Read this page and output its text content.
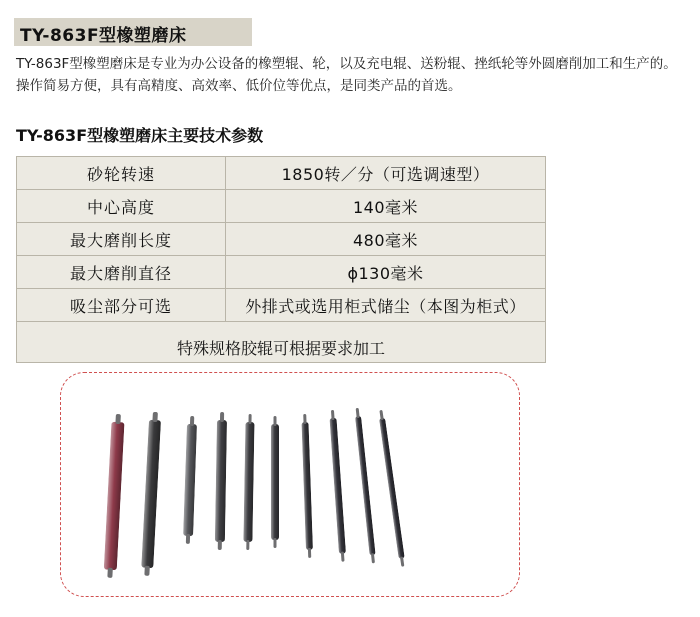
TY-863F型橡塑磨床

TY-863F型橡塑磨床是专业为办公设备的橡塑辊、轮，以及充电辊、送粉辊、挫纸轮等外圆磨削加工和生产的。

操作简易方便，具有高精度、高效率、低价位等优点，是同类产品的首选。

TY-863F型橡塑磨床主要技术参数
砂轮转速	1850转／分（可选调速型）
中心高度	140毫米
最大磨削长度	480毫米
最大磨削直径	ϕ130毫米
吸尘部分可选	外排式或选用柜式储尘（本图为柜式）

特殊规格胶辊可根据要求加工	
